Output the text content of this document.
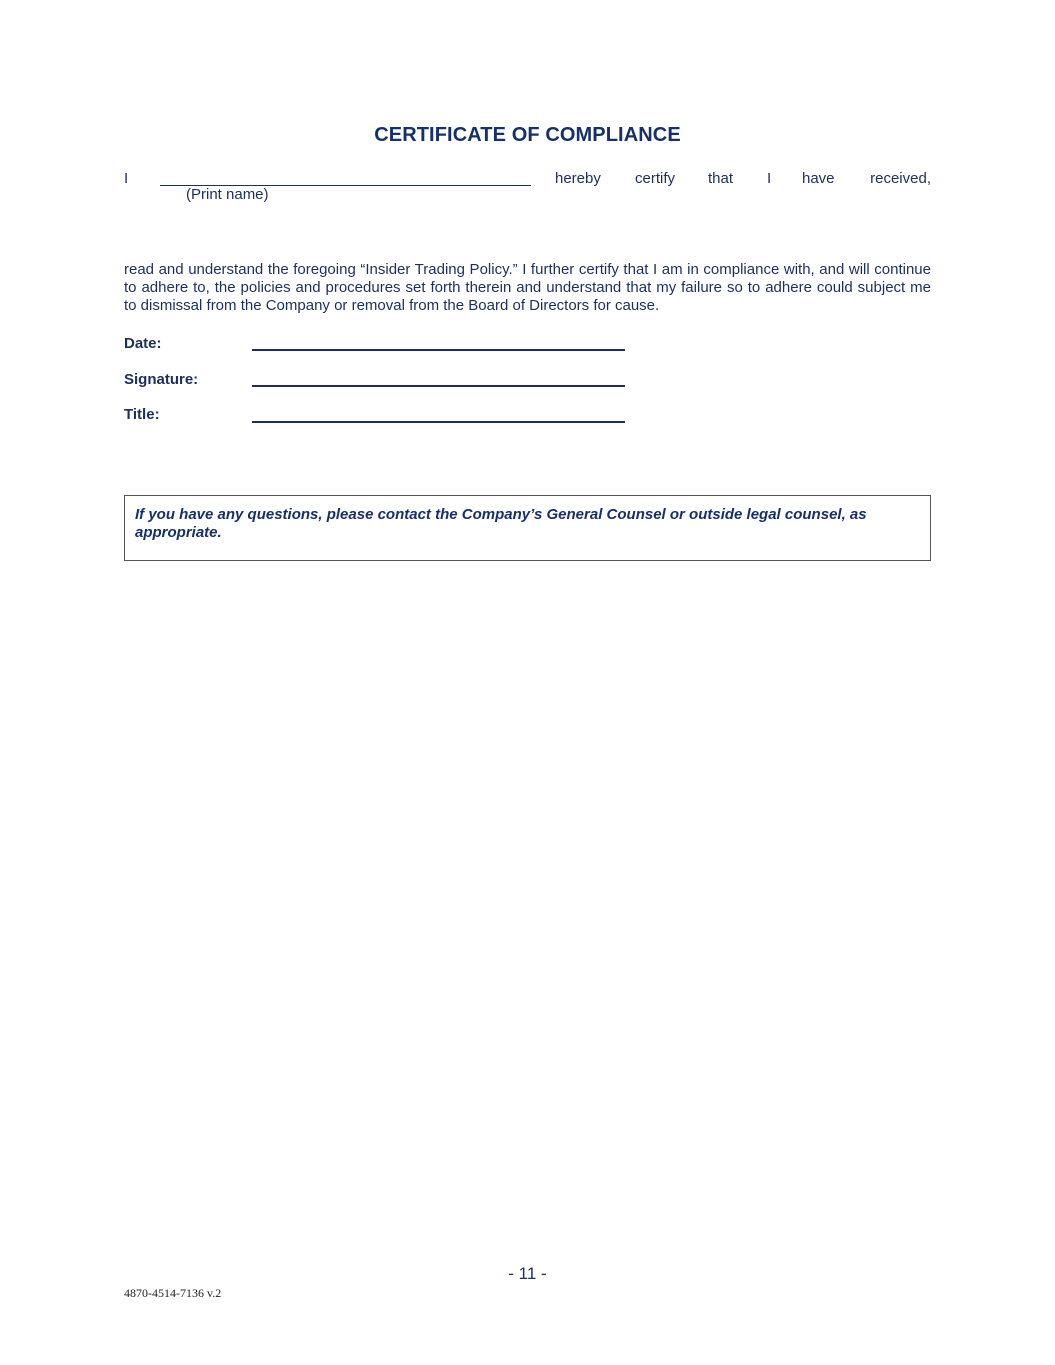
CERTIFICATE OF COMPLIANCE
I	hereby certify that I have received,
(Print name)
read and understand the foregoing “Insider Trading Policy.” I further certify that I am in compliance with, and will continue to adhere to, the policies and procedures set forth therein and understand that my failure so to adhere could subject me to dismissal from the Company or removal from the Board of Directors for cause.
Date:
Signature:
Title:
If you have any questions, please contact the Company’s General Counsel or outside legal counsel, as appropriate.
- 11 -
4870-4514-7136 v.2
